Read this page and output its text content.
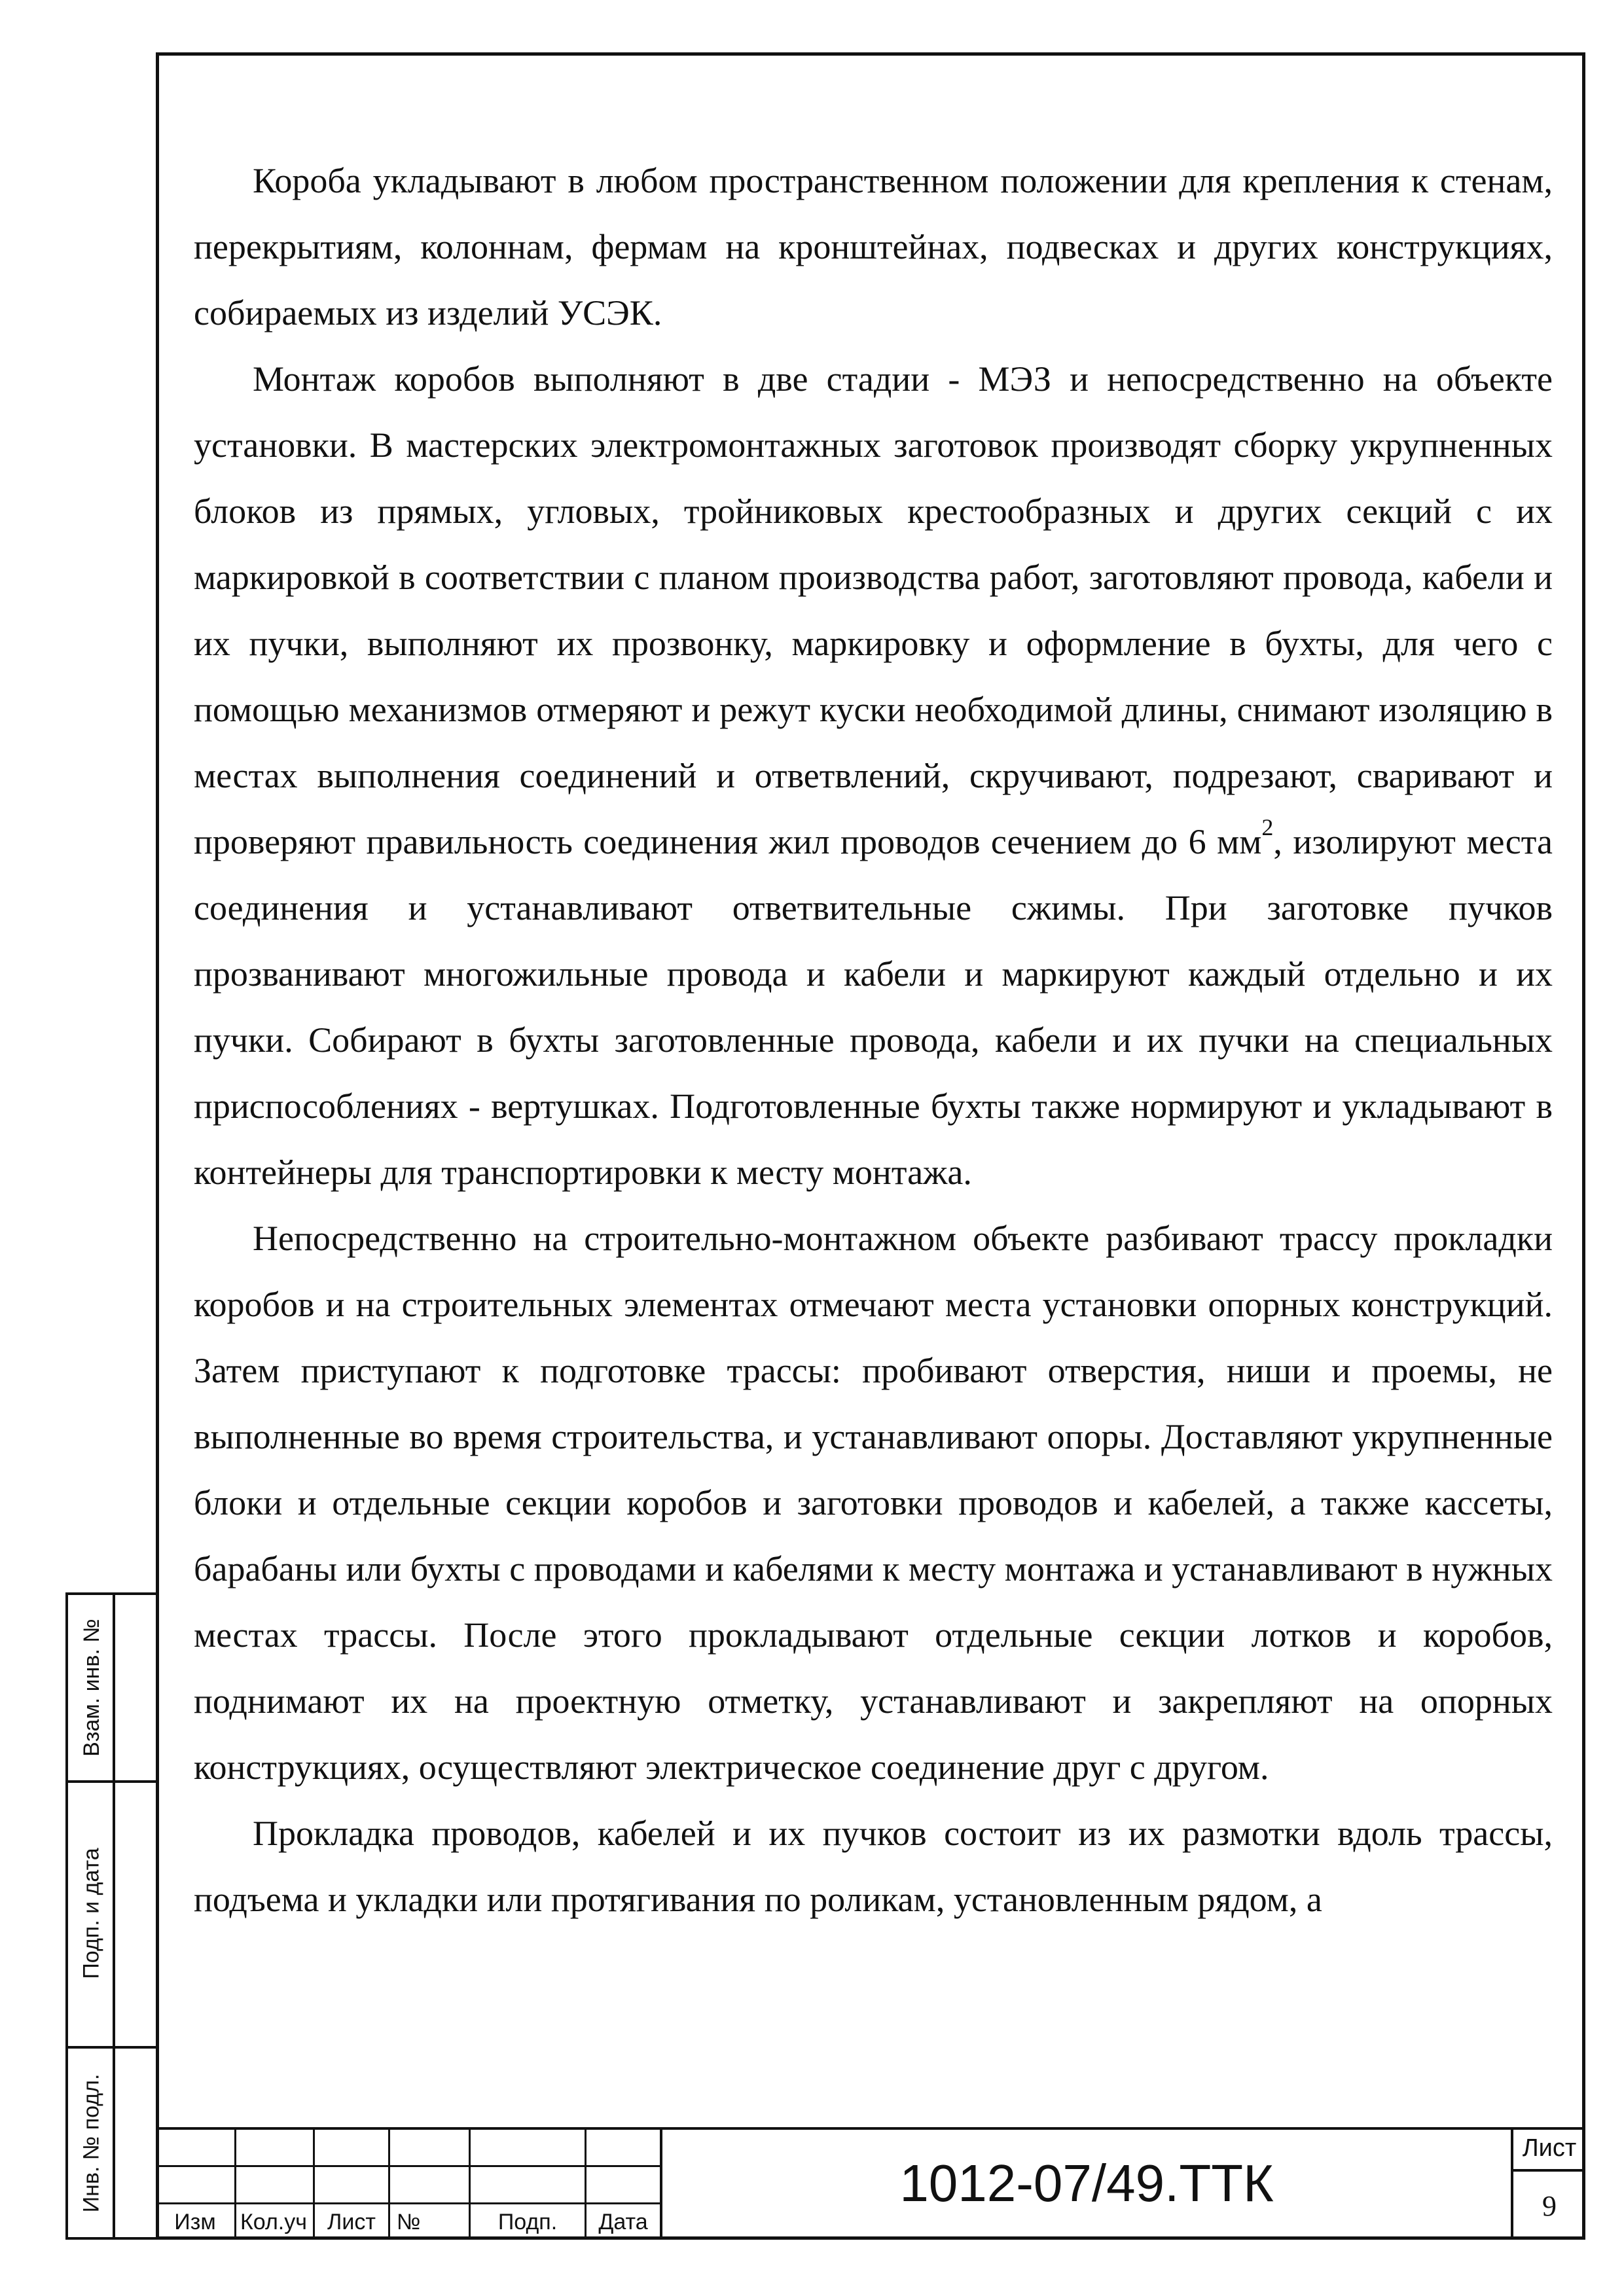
Короба укладывают в любом пространственном положении для крепления к стенам, перекрытиям, колоннам, фермам на кронштейнах, подвесках и других конструкциях, собираемых из изделий УСЭК.

Монтаж коробов выполняют в две стадии - МЭЗ и непосредственно на объекте установки. В мастерских электромонтажных заготовок производят сборку укрупненных блоков из прямых, угловых, тройниковых крестообразных и других секций с их маркировкой в соответствии с планом производства работ, заготовляют провода, кабели и их пучки, выполняют их прозвонку, маркировку и оформление в бухты, для чего с помощью механизмов отмеряют и режут куски необходимой длины, снимают изоляцию в местах выполнения соединений и ответвлений, скручивают, подрезают, сваривают и проверяют правильность соединения жил проводов сечением до 6 $мм^2$, изолируют места соединения и устанавливают ответвительные сжимы. При заготовке пучков прозванивают многожильные провода и кабели и маркируют каждый отдельно и их пучки. Собирают в бухты заготовленные провода, кабели и их пучки на специальных приспособлениях - вертушках. Подготовленные бухты также нормируют и укладывают в контейнеры для транспортировки к месту монтажа.

Непосредственно на строительно-монтажном объекте разбивают трассу прокладки коробов и на строительных элементах отмечают места установки опорных конструкций. Затем приступают к подготовке трассы: пробивают отверстия, ниши и проемы, не выполненные во время строительства, и устанавливают опоры. Доставляют укрупненные блоки и отдельные секции коробов и заготовки проводов и кабелей, а также кассеты, барабаны или бухты с проводами и кабелями к месту монтажа и устанавливают в нужных местах трассы. После этого прокладывают отдельные секции лотков и коробов, поднимают их на проектную отметку, устанавливают и закрепляют на опорных конструкциях, осуществляют электрическое соединение друг с другом.

Прокладка проводов, кабелей и их пучков состоит из их размотки вдоль трассы, подъема и укладки или протягивания по роликам, установленным рядом, а

Взам. инв. №
Подп. и дата
Инв. № подл.
Изм	Кол.уч Лист №	Подп.	Дата
1012-07/49.ТТК
Лист
9
